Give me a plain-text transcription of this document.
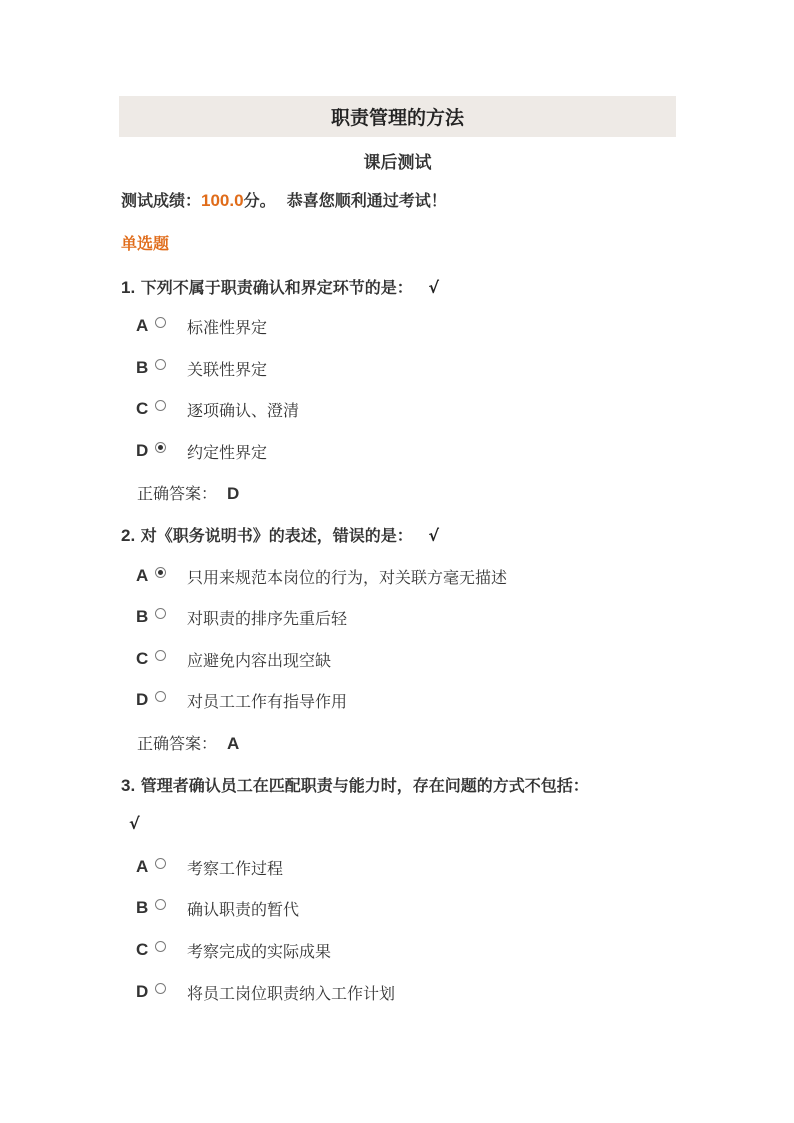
职责管理的方法
课后测试
测试成绩：100.0分。 恭喜您顺利通过考试！
单选题
1. 下列不属于职责确认和界定环节的是： √
A 标准性界定
B 关联性界定
C 逐项确认、澄清
D 约定性界定
正确答案： D
2. 对《职务说明书》的表述，错误的是： √
A 只用来规范本岗位的行为，对关联方毫无描述
B 对职责的排序先重后轻
C 应避免内容出现空缺
D 对员工工作有指导作用
正确答案： A
3. 管理者确认员工在匹配职责与能力时，存在问题的方式不包括：
√
A 考察工作过程
B 确认职责的暂代
C 考察完成的实际成果
D 将员工岗位职责纳入工作计划
